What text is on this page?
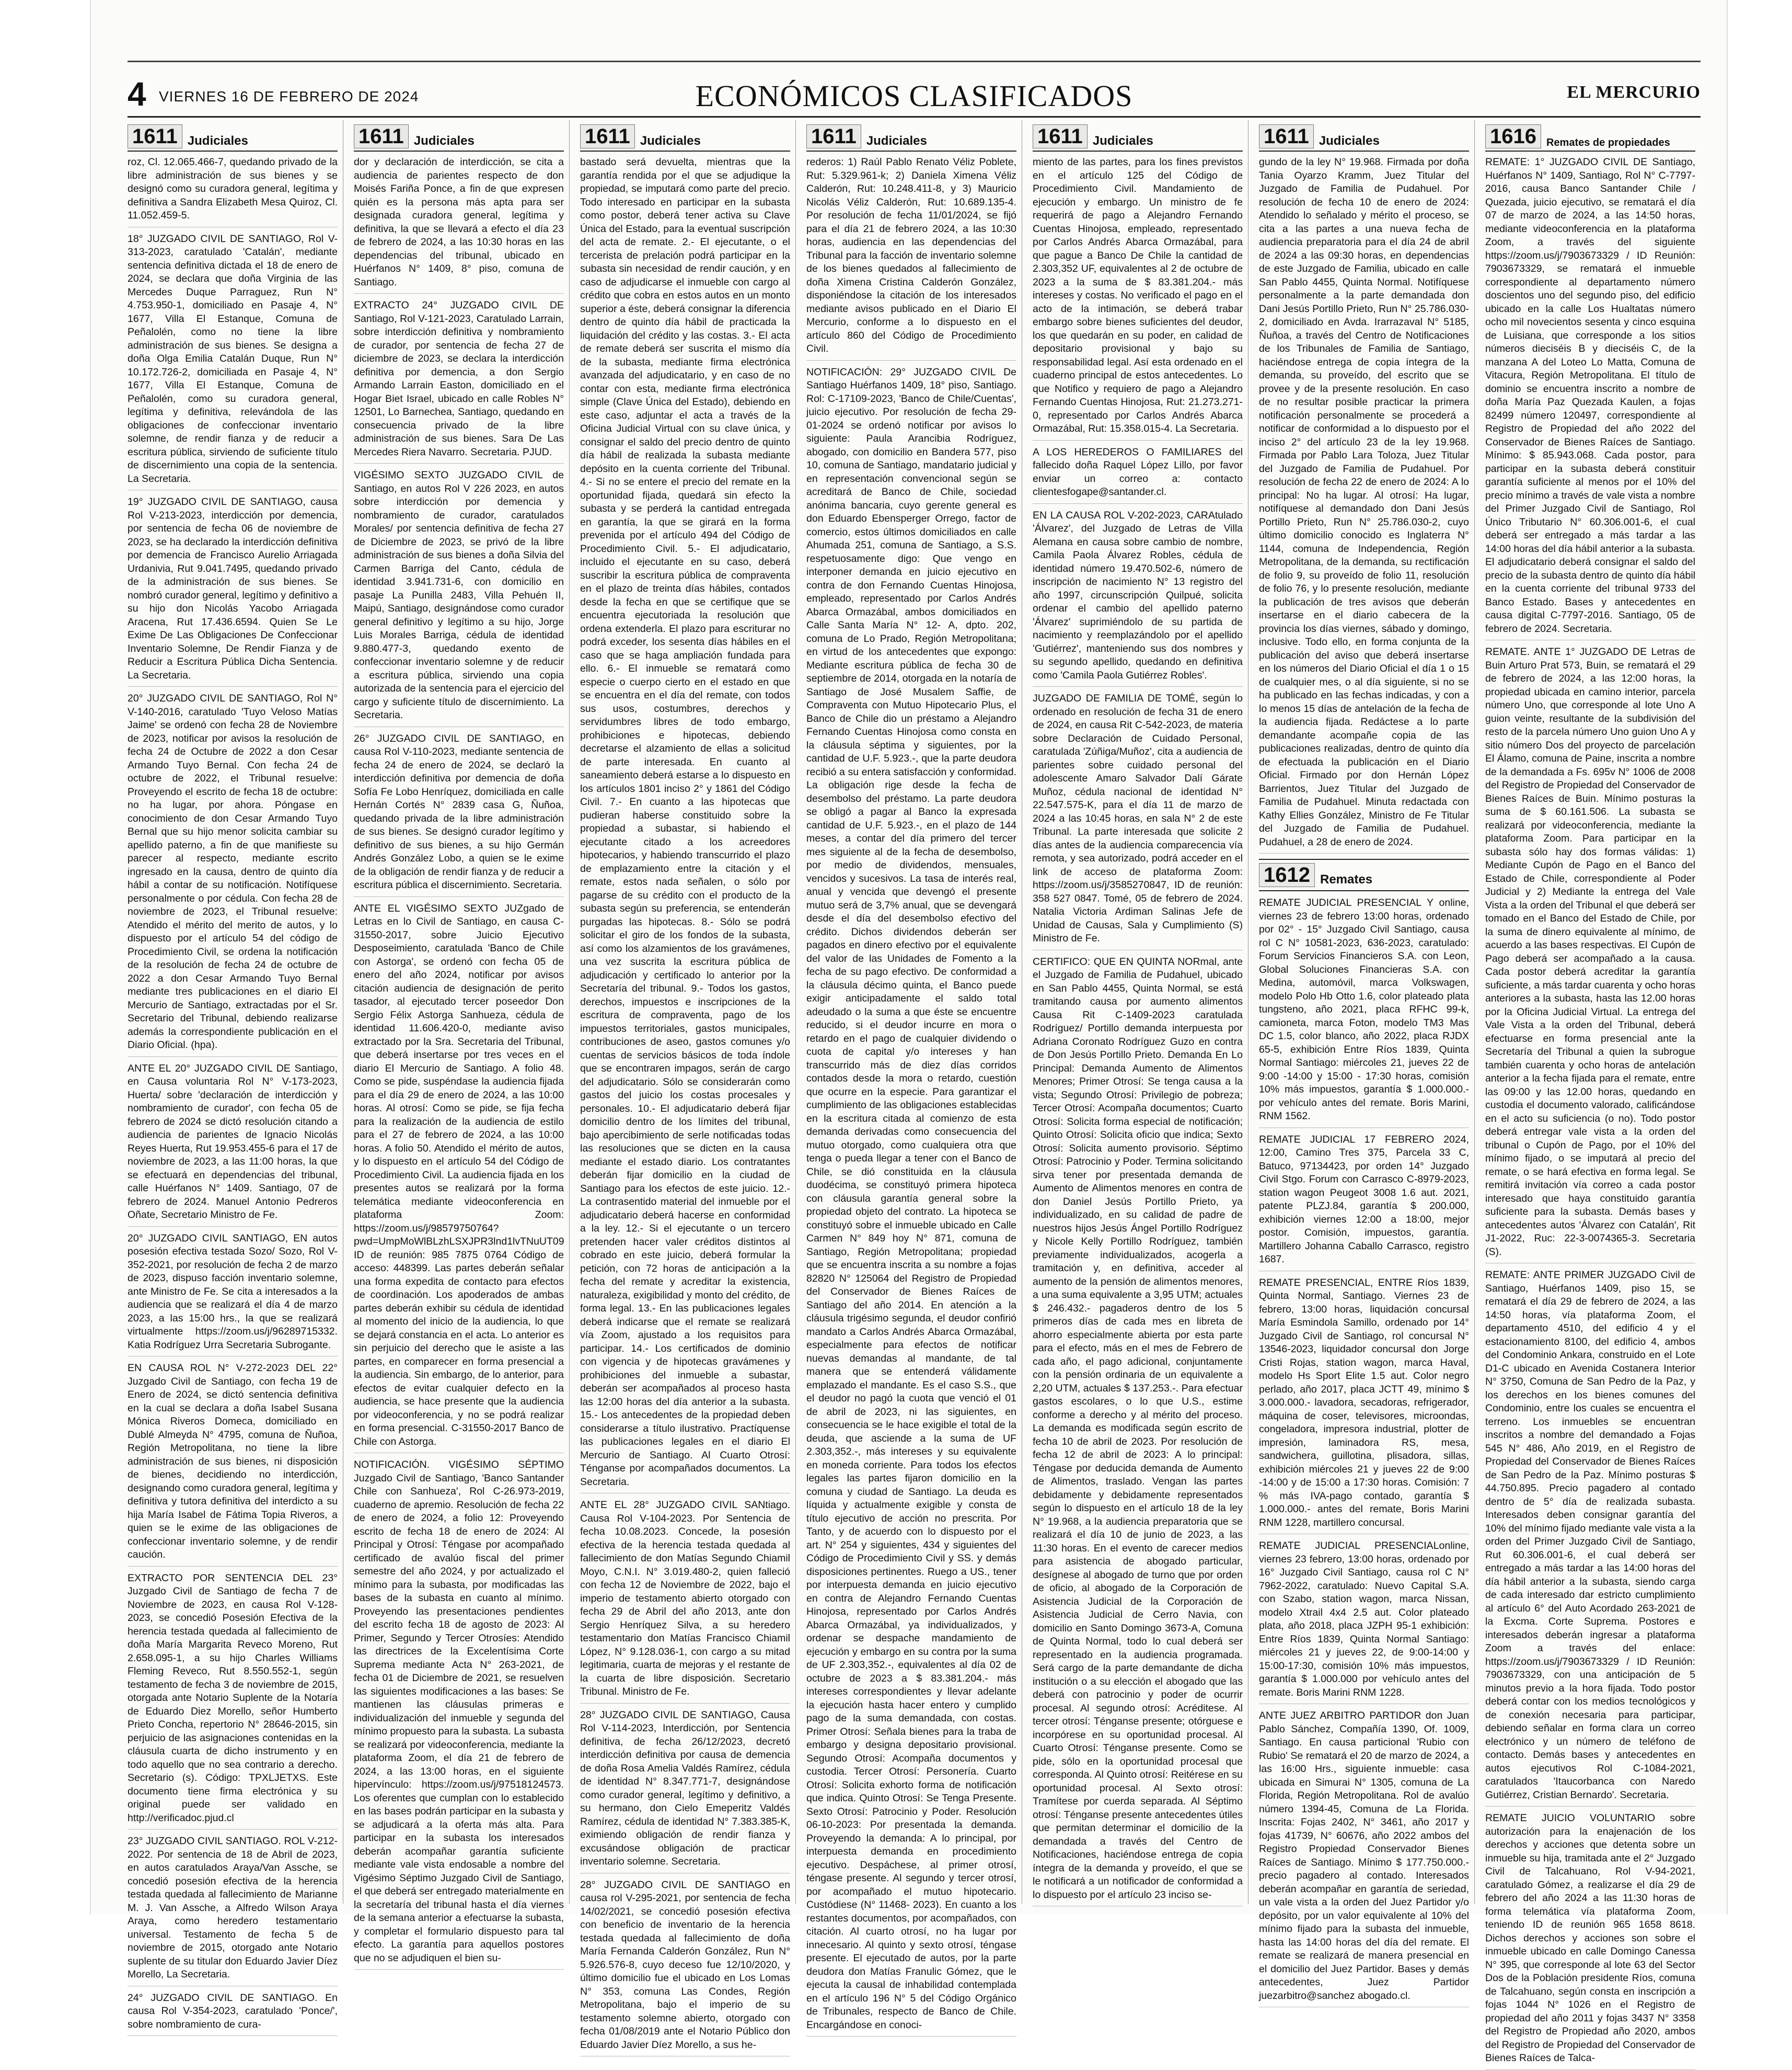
4 VIERNES 16 DE FEBRERO DE 2024	ECONÓMICOS CLASIFICADOS	EL MERCURIO
1611 Judiciales

roz, Cl. 12.065.466-7, quedando privado de la libre administración de sus bienes y se designó como su curadora general, legítima y definitiva a Sandra Elizabeth Mesa Quiroz, Cl. 11.052.459-5.

18° JUZGADO CIVIL DE SANTIAGO, Rol V-313-2023, caratulado 'Catalán', mediante sentencia definitiva dictada el 18 de enero de 2024, se declara que doña Virginia de las Mercedes Duque Parraguez, Run N° 4.753.950-1, domiciliado en Pasaje 4, N° 1677, Villa El Estanque, Comuna de Peñalolén, como no tiene la libre administración de sus bienes. Se designa a doña Olga Emilia Catalán Duque, Run N° 10.172.726-2, domiciliada en Pasaje 4, N° 1677, Villa El Estanque, Comuna de Peñalolén, como su curadora general, legítima y definitiva, relevándola de las obligaciones de confeccionar inventario solemne, de rendir fianza y de reducir a escritura pública, sirviendo de suficiente título de discernimiento una copia de la sentencia. La Secretaria.

19° JUZGADO CIVIL DE SANTIAGO, causa Rol V-213-2023, interdicción por demencia, por sentencia de fecha 06 de noviembre de 2023, se ha declarado la interdicción definitiva por demencia de Francisco Aurelio Arriagada Urdanivia, Rut 9.041.7495, quedando privado de la administración de sus bienes. Se nombró curador general, legítimo y definitivo a su hijo don Nicolás Yacobo Arriagada Aracena, Rut 17.436.6594. Quien Se Le Exime De Las Obligaciones De Confeccionar Inventario Solemne, De Rendir Fianza y de Reducir a Escritura Pública Dicha Sentencia. La Secretaria.

20° JUZGADO CIVIL DE SANTIAGO, Rol N° V-140-2016, caratulado 'Tuyo Veloso Matías Jaime' se ordenó con fecha 28 de Noviembre de 2023, notificar por avisos la resolución de fecha 24 de Octubre de 2022 a don Cesar Armando Tuyo Bernal. Con fecha 24 de octubre de 2022, el Tribunal resuelve: Proveyendo el escrito de fecha 18 de octubre: no ha lugar, por ahora. Póngase en conocimiento de don Cesar Armando Tuyo Bernal que su hijo menor solicita cambiar su apellido paterno, a fin de que manifieste su parecer al respecto, mediante escrito ingresado en la causa, dentro de quinto día hábil a contar de su notificación. Notifíquese personalmente o por cédula. Con fecha 28 de noviembre de 2023, el Tribunal resuelve: Atendido el mérito del merito de autos, y lo dispuesto por el artículo 54 del código de Procedimiento Civil, se ordena la notificación de la resolución de fecha 24 de octubre de 2022 a don Cesar Armando Tuyo Bernal mediante tres publicaciones en el diario El Mercurio de Santiago, extractadas por el Sr. Secretario del Tribunal, debiendo realizarse además la correspondiente publicación en el Diario Oficial. (hpa).

ANTE EL 20° JUZGADO CIVIL DE Santiago, en Causa voluntaria Rol N° V-173-2023, Huerta/ sobre 'declaración de interdicción y nombramiento de curador', con fecha 05 de febrero de 2024 se dictó resolución citando a audiencia de parientes de Ignacio Nicolás Reyes Huerta, Rut 19.953.455-6 para el 17 de noviembre de 2023, a las 11:00 horas, la que se efectuará en dependencias del tribunal, calle Huérfanos N° 1409. Santiago, 07 de febrero de 2024. Manuel Antonio Pedreros Oñate, Secretario Ministro de Fe.

20° JUZGADO CIVIL SANTIAGO, EN autos posesión efectiva testada Sozo/ Sozo, Rol V-352-2021, por resolución de fecha 2 de marzo de 2023, dispuso facción inventario solemne, ante Ministro de Fe. Se cita a interesados a la audiencia que se realizará el día 4 de marzo 2023, a las 15:00 hrs., la que se realizará virtualmente https://zoom.us/j/96289715332. Katia Rodríguez Urra Secretaria Subrogante.

EN CAUSA ROL N° V-272-2023 DEL 22° Juzgado Civil de Santiago, con fecha 19 de Enero de 2024, se dictó sentencia definitiva en la cual se declara a doña Isabel Susana Mónica Riveros Domeca, domiciliado en Dublé Almeyda N° 4795, comuna de Ñuñoa, Región Metropolitana, no tiene la libre administración de sus bienes, ni disposición de bienes, decidiendo no interdicción, designando como curadora general, legítima y definitiva y tutora definitiva del interdicto a su hija María Isabel de Fátima Topia Riveros, a quien se le exime de las obligaciones de confeccionar inventario solemne, y de rendir caución.

EXTRACTO POR SENTENCIA DEL 23° Juzgado Civil de Santiago de fecha 7 de Noviembre de 2023, en causa Rol V-128-2023, se concedió Posesión Efectiva de la herencia testada quedada al fallecimiento de doña María Margarita Reveco Moreno, Rut 2.658.095-1, a su hijo Charles Williams Fleming Reveco, Rut 8.550.552-1, según testamento de fecha 3 de noviembre de 2015, otorgada ante Notario Suplente de la Notaría de Eduardo Diez Morello, señor Humberto Prieto Concha, repertorio N° 28646-2015, sin perjuicio de las asignaciones contenidas en la cláusula cuarta de dicho instrumento y en todo aquello que no sea contrario a derecho. Secretario (s). Código: TPXLJETXS. Este documento tiene firma electrónica y su original puede ser validado en http://verificadoc.pjud.cl

23° JUZGADO CIVIL SANTIAGO. ROL V-212-2022. Por sentencia de 18 de Abril de 2023, en autos caratulados Araya/Van Assche, se concedió posesión efectiva de la herencia testada quedada al fallecimiento de Marianne M. J. Van Assche, a Alfredo Wilson Araya Araya, como heredero testamentario universal. Testamento de fecha 5 de noviembre de 2015, otorgado ante Notario suplente de su titular don Eduardo Javier Díez Morello, La Secretaria.

24° JUZGADO CIVIL DE SANTIAGO. En causa Rol V-354-2023, caratulado 'Ponce/', sobre nombramiento de cura-

1611 Judiciales

dor y declaración de interdicción, se cita a audiencia de parientes respecto de don Moisés Fariña Ponce, a fin de que expresen quién es la persona más apta para ser designada curadora general, legítima y definitiva, la que se llevará a efecto el día 23 de febrero de 2024, a las 10:30 horas en las dependencias del tribunal, ubicado en Huérfanos N° 1409, 8° piso, comuna de Santiago.

EXTRACTO 24° JUZGADO CIVIL DE Santiago, Rol V-121-2023, Caratulado Larrain, sobre interdicción definitiva y nombramiento de curador, por sentencia de fecha 27 de diciembre de 2023, se declara la interdicción definitiva por demencia, a don Sergio Armando Larrain Easton, domiciliado en el Hogar Biet Israel, ubicado en calle Robles N° 12501, Lo Barnechea, Santiago, quedando en consecuencia privado de la libre administración de sus bienes. Sara De Las Mercedes Riera Navarro. Secretaria. PJUD.

VIGÉSIMO SEXTO JUZGADO CIVIL de Santiago, en autos Rol V 226 2023, en autos sobre interdicción por demencia y nombramiento de curador, caratulados Morales/ por sentencia definitiva de fecha 27 de Diciembre de 2023, se privó de la libre administración de sus bienes a doña Silvia del Carmen Barriga del Canto, cédula de identidad 3.941.731-6, con domicilio en pasaje La Punilla 2483, Villa Pehuén II, Maipú, Santiago, designándose como curador general definitivo y legítimo a su hijo, Jorge Luis Morales Barriga, cédula de identidad 9.880.477-3, quedando exento de confeccionar inventario solemne y de reducir a escritura pública, sirviendo una copia autorizada de la sentencia para el ejercicio del cargo y suficiente título de discernimiento. La Secretaria.

26° JUZGADO CIVIL DE SANTIAGO, en causa Rol V-110-2023, mediante sentencia de fecha 24 de enero de 2024, se declaró la interdicción definitiva por demencia de doña Sofía Fe Lobo Henríquez, domiciliada en calle Hernán Cortés N° 2839 casa G, Ñuñoa, quedando privada de la libre administración de sus bienes. Se designó curador legítimo y definitivo de sus bienes, a su hijo Germán Andrés González Lobo, a quien se le exime de la obligación de rendir fianza y de reducir a escritura pública el discernimiento. Secretaria.

ANTE EL VIGÉSIMO SEXTO JUZgado de Letras en lo Civil de Santiago, en causa C-31550-2017, sobre Juicio Ejecutivo Desposeimiento, caratulada 'Banco de Chile con Astorga', se ordenó con fecha 05 de enero del año 2024, notificar por avisos citación audiencia de designación de perito tasador, al ejecutado tercer poseedor Don Sergio Félix Astorga Sanhueza, cédula de identidad 11.606.420-0, mediante aviso extractado por la Sra. Secretaria del Tribunal, que deberá insertarse por tres veces en el diario El Mercurio de Santiago. A folio 48. Como se pide, suspéndase la audiencia fijada para el día 29 de enero de 2024, a las 10:00 horas. Al otrosí: Como se pide, se fija fecha para la realización de la audiencia de estilo para el 27 de febrero de 2024, a las 10:00 horas. A folio 50. Atendido el mérito de autos, y lo dispuesto en el artículo 54 del Código de Procedimiento Civil. La audiencia fijada en los presentes autos se realizará por la forma telemática mediante videoconferencia en plataforma Zoom: https://zoom.us/j/98579750764?pwd=UmpMoWlBLzhLSXJPR3lnd1lvTNuUT09 ID de reunión: 985 7875 0764 Código de acceso: 448399. Las partes deberán señalar una forma expedita de contacto para efectos de coordinación. Los apoderados de ambas partes deberán exhibir su cédula de identidad al momento del inicio de la audiencia, lo que se dejará constancia en el acta. Lo anterior es sin perjuicio del derecho que le asiste a las partes, en comparecer en forma presencial a la audiencia. Sin embargo, de lo anterior, para efectos de evitar cualquier defecto en la audiencia, se hace presente que la audiencia por videoconferencia, y no se podrá realizar en forma presencial. C-31550-2017 Banco de Chile con Astorga.

NOTIFICACIÓN. VIGÉSIMO SÉPTIMO Juzgado Civil de Santiago, 'Banco Santander Chile con Sanhueza', Rol C-26.973-2019, cuaderno de apremio. Resolución de fecha 22 de enero de 2024, a folio 12: Proveyendo escrito de fecha 18 de enero de 2024: Al Principal y Otrosí: Téngase por acompañado certificado de avalúo fiscal del primer semestre del año 2024, y por actualizado el mínimo para la subasta, por modificadas las bases de la subasta en cuanto al mínimo. Proveyendo las presentaciones pendientes del escrito fecha 18 de agosto de 2023: Al Primer, Segundo y Tercer Otrosíes: Atendido las directrices de la Excelentísima Corte Suprema mediante Acta N° 263-2021, de fecha 01 de Diciembre de 2021, se resuelven las siguientes modificaciones a las bases: Se mantienen las cláusulas primeras e individualización del inmueble y segunda del mínimo propuesto para la subasta. La subasta se realizará por videoconferencia, mediante la plataforma Zoom, el día 21 de febrero de 2024, a las 13:00 horas, en el siguiente hipervínculo: https://zoom.us/j/97518124573. Los oferentes que cumplan con lo establecido en las bases podrán participar en la subasta y se adjudicará a la oferta más alta. Para participar en la subasta los interesados deberán acompañar garantía suficiente mediante vale vista endosable a nombre del Vigésimo Séptimo Juzgado Civil de Santiago, el que deberá ser entregado materialmente en la secretaría del tribunal hasta el día viernes de la semana anterior a efectuarse la subasta, y completar el formulario dispuesto para tal efecto. La garantía para aquellos postores que no se adjudiquen el bien su-

1611 Judiciales

bastado será devuelta, mientras que la garantía rendida por el que se adjudique la propiedad, se imputará como parte del precio. Todo interesado en participar en la subasta como postor, deberá tener activa su Clave Única del Estado, para la eventual suscripción del acta de remate. 2.- El ejecutante, o el tercerista de prelación podrá participar en la subasta sin necesidad de rendir caución, y en caso de adjudicarse el inmueble con cargo al crédito que cobra en estos autos en un monto superior a éste, deberá consignar la diferencia dentro de quinto día hábil de practicada la liquidación del crédito y las costas. 3.- El acta de remate deberá ser suscrita el mismo día de la subasta, mediante firma electrónica avanzada del adjudicatario, y en caso de no contar con esta, mediante firma electrónica simple (Clave Única del Estado), debiendo en este caso, adjuntar el acta a través de la Oficina Judicial Virtual con su clave única, y consignar el saldo del precio dentro de quinto día hábil de realizada la subasta mediante depósito en la cuenta corriente del Tribunal. 4.- Si no se entere el precio del remate en la oportunidad fijada, quedará sin efecto la subasta y se perderá la cantidad entregada en garantía, la que se girará en la forma prevenida por el artículo 494 del Código de Procedimiento Civil. 5.- El adjudicatario, incluido el ejecutante en su caso, deberá suscribir la escritura pública de compraventa en el plazo de treinta días hábiles, contados desde la fecha en que se certifique que se encuentra ejecutoriada la resolución que ordena extenderla. El plazo para escriturar no podrá exceder, los sesenta días hábiles en el caso que se haga ampliación fundada para ello. 6.- El inmueble se rematará como especie o cuerpo cierto en el estado en que se encuentra en el día del remate, con todos sus usos, costumbres, derechos y servidumbres libres de todo embargo, prohibiciones e hipotecas, debiendo decretarse el alzamiento de ellas a solicitud de parte interesada. En cuanto al saneamiento deberá estarse a lo dispuesto en los artículos 1801 inciso 2° y 1861 del Código Civil. 7.- En cuanto a las hipotecas que pudieran haberse constituido sobre la propiedad a subastar, si habiendo el ejecutante citado a los acreedores hipotecarios, y habiendo transcurrido el plazo de emplazamiento entre la citación y el remate, estos nada señalen, o sólo por pagarse de su crédito con el producto de la subasta según su preferencia, se entenderán purgadas las hipotecas. 8.- Sólo se podrá solicitar el giro de los fondos de la subasta, así como los alzamientos de los gravámenes, una vez suscrita la escritura pública de adjudicación y certificado lo anterior por la Secretaría del tribunal. 9.- Todos los gastos, derechos, impuestos e inscripciones de la escritura de compraventa, pago de los impuestos territoriales, gastos municipales, contribuciones de aseo, gastos comunes y/o cuentas de servicios básicos de toda índole que se encontraren impagos, serán de cargo del adjudicatario. Sólo se considerarán como gastos del juicio los costas procesales y personales. 10.- El adjudicatario deberá fijar domicilio dentro de los límites del tribunal, bajo apercibimiento de serle notificadas todas las resoluciones que se dicten en la causa mediante el estado diario. Los contratantes deberán fijar domicilio en la ciudad de Santiago para los efectos de este juicio. 12.- La contrasentido material del inmueble por el adjudicatario deberá hacerse en conformidad a la ley. 12.- Si el ejecutante o un tercero pretenden hacer valer créditos distintos al cobrado en este juicio, deberá formular la petición, con 72 horas de anticipación a la fecha del remate y acreditar la existencia, naturaleza, exigibilidad y monto del crédito, de forma legal. 13.- En las publicaciones legales deberá indicarse que el remate se realizará vía Zoom, ajustado a los requisitos para participar. 14.- Los certificados de dominio con vigencia y de hipotecas gravámenes y prohibiciones del inmueble a subastar, deberán ser acompañados al proceso hasta las 12:00 horas del día anterior a la subasta. 15.- Los antecedentes de la propiedad deben considerarse a título ilustrativo. Practíquense las publicaciones legales en el diario El Mercurio de Santiago. Al Cuarto Otrosí: Ténganse por acompañados documentos. La Secretaria.

ANTE EL 28° JUZGADO CIVIL SANtiago. Causa Rol V-104-2023. Por Sentencia de fecha 10.08.2023. Concede, la posesión efectiva de la herencia testada quedada al fallecimiento de don Matías Segundo Chiamil Moyo, C.N.I. N° 3.019.480-2, quien falleció con fecha 12 de Noviembre de 2022, bajo el imperio de testamento abierto otorgado con fecha 29 de Abril del año 2013, ante don Sergio Henríquez Silva, a su heredero testamentario don Matías Francisco Chiamil López, N° 9.128.036-1, con cargo a su mitad legitimaria, cuarta de mejoras y el restante de la cuarta de libre disposición. Secretario Tribunal. Ministro de Fe.

28° JUZGADO CIVIL DE SANTIAGO, Causa Rol V-114-2023, Interdicción, por Sentencia definitiva, de fecha 26/12/2023, decretó interdicción definitiva por causa de demencia de doña Rosa Amelia Valdés Ramírez, cédula de identidad N° 8.347.771-7, designándose como curador general, legítimo y definitivo, a su hermano, don Cielo Emeperitz Valdés Ramírez, cédula de identidad N° 7.383.385-K, eximiendo obligación de rendir fianza y excusándose obligación de practicar inventario solemne. Secretaria.

28° JUZGADO CIVIL DE SANTIAGO en causa rol V-295-2021, por sentencia de fecha 14/02/2021, se concedió posesión efectiva con beneficio de inventario de la herencia testada quedada al fallecimiento de doña María Fernanda Calderón González, Run N° 5.926.576-8, cuyo deceso fue 12/10/2020, y último domicilio fue el ubicado en Los Lomas N° 353, comuna Las Condes, Región Metropolitana, bajo el imperio de su testamento solemne abierto, otorgado con fecha 01/08/2019 ante el Notario Público don Eduardo Javier Díez Morello, a sus he-

1611 Judiciales

rederos: 1) Raúl Pablo Renato Véliz Poblete, Rut: 5.329.961-k; 2) Daniela Ximena Véliz Calderón, Rut: 10.248.411-8, y 3) Mauricio Nicolás Véliz Calderón, Rut: 10.689.135-4. Por resolución de fecha 11/01/2024, se fijó para el día 21 de febrero 2024, a las 10:30 horas, audiencia en las dependencias del Tribunal para la facción de inventario solemne de los bienes quedados al fallecimiento de doña Ximena Cristina Calderón González, disponiéndose la citación de los interesados mediante avisos publicado en el Diario El Mercurio, conforme a lo dispuesto en el artículo 860 del Código de Procedimiento Civil.

NOTIFICACIÓN: 29° JUZGADO CIVIL De Santiago Huérfanos 1409, 18° piso, Santiago. Rol: C-17109-2023, 'Banco de Chile/Cuentas', juicio ejecutivo. Por resolución de fecha 29-01-2024 se ordenó notificar por avisos lo siguiente: Paula Arancibia Rodríguez, abogado, con domicilio en Bandera 577, piso 10, comuna de Santiago, mandatario judicial y en representación convencional según se acreditará de Banco de Chile, sociedad anónima bancaria, cuyo gerente general es don Eduardo Ebensperger Orrego, factor de comercio, estos últimos domiciliados en calle Ahumada 251, comuna de Santiago, a S.S. respetuosamente digo: Que vengo en interponer demanda en juicio ejecutivo en contra de don Fernando Cuentas Hinojosa, empleado, representado por Carlos Andrés Abarca Ormazábal, ambos domiciliados en Calle Santa María N° 12- A, dpto. 202, comuna de Lo Prado, Región Metropolitana; en virtud de los antecedentes que expongo: Mediante escritura pública de fecha 30 de septiembre de 2014, otorgada en la notaría de Santiago de José Musalem Saffie, de Compraventa con Mutuo Hipotecario Plus, el Banco de Chile dio un préstamo a Alejandro Fernando Cuentas Hinojosa como consta en la cláusula séptima y siguientes, por la cantidad de U.F. 5.923.-, que la parte deudora recibió a su entera satisfacción y conformidad. La obligación rige desde la fecha de desembolso del préstamo. La parte deudora se obligó a pagar al Banco la expresada cantidad de U.F. 5.923.-, en el plazo de 144 meses, a contar del día primero del tercer mes siguiente al de la fecha de desembolso, por medio de dividendos, mensuales, vencidos y sucesivos. La tasa de interés real, anual y vencida que devengó el presente mutuo será de 3,7% anual, que se devengará desde el día del desembolso efectivo del crédito. Dichos dividendos deberán ser pagados en dinero efectivo por el equivalente del valor de las Unidades de Fomento a la fecha de su pago efectivo. De conformidad a la cláusula décimo quinta, el Banco puede exigir anticipadamente el saldo total adeudado o la suma a que éste se encuentre reducido, si el deudor incurre en mora o retardo en el pago de cualquier dividendo o cuota de capital y/o intereses y han transcurrido más de diez días corridos contados desde la mora o retardo, cuestión que ocurre en la especie. Para garantizar el cumplimiento de las obligaciones establecidas en la escritura citada al comienzo de esta demanda derivadas como consecuencia del mutuo otorgado, como cualquiera otra que tenga o pueda llegar a tener con el Banco de Chile, se dió constituida en la cláusula duodécima, se constituyó primera hipoteca con cláusula garantía general sobre la propiedad objeto del contrato. La hipoteca se constituyó sobre el inmueble ubicado en Calle Carmen N° 849 hoy N° 871, comuna de Santiago, Región Metropolitana; propiedad que se encuentra inscrita a su nombre a fojas 82820 N° 125064 del Registro de Propiedad del Conservador de Bienes Raíces de Santiago del año 2014. En atención a la cláusula trigésimo segunda, el deudor confirió mandato a Carlos Andrés Abarca Ormazábal, especialmente para efectos de notificar nuevas demandas al mandante, de tal manera que se entenderá válidamente emplazado el mandante. Es el caso S.S., que el deudor no pagó la cuota que venció el 01 de abril de 2023, ni las siguientes, en consecuencia se le hace exigible el total de la deuda, que asciende a la suma de UF 2.303,352.-, más intereses y su equivalente en moneda corriente. Para todos los efectos legales las partes fijaron domicilio en la comuna y ciudad de Santiago. La deuda es líquida y actualmente exigible y consta de título ejecutivo de acción no prescrita. Por Tanto, y de acuerdo con lo dispuesto por el art. N° 254 y siguientes, 434 y siguientes del Código de Procedimiento Civil y SS. y demás disposiciones pertinentes. Ruego a US., tener por interpuesta demanda en juicio ejecutivo en contra de Alejandro Fernando Cuentas Hinojosa, representado por Carlos Andrés Abarca Ormazábal, ya individualizados, y ordenar se despache mandamiento de ejecución y embargo en su contra por la suma de UF 2.303,352.-, equivalentes al día 02 de octubre de 2023 a $ 83.381.204.- más intereses correspondientes y llevar adelante la ejecución hasta hacer entero y cumplido pago de la suma demandada, con costas. Primer Otrosí: Señala bienes para la traba de embargo y designa depositario provisional. Segundo Otrosí: Acompaña documentos y custodia. Tercer Otrosí: Personería. Cuarto Otrosí: Solicita exhorto forma de notificación que indica. Quinto Otrosí: Se Tenga Presente. Sexto Otrosí: Patrocinio y Poder. Resolución 06-10-2023: Por presentada la demanda. Proveyendo la demanda: A lo principal, por interpuesta demanda en procedimiento ejecutivo. Despáchese, al primer otrosí, téngase presente. Al segundo y tercer otrosí, por acompañado el mutuo hipotecario. Custódiese (N° 11468- 2023). En cuanto a los restantes documentos, por acompañados, con citación. Al cuarto otrosí, no ha lugar por innecesario. Al quinto y sexto otrosí, téngase presente. El ejecutado de autos, por la parte deudora don Matías Franulic Gómez, que le ejecuta la causal de inhabilidad contemplada en el artículo 196 N° 5 del Código Orgánico de Tribunales, respecto de Banco de Chile. Encargándose en conoci-

1611 Judiciales

miento de las partes, para los fines previstos en el artículo 125 del Código de Procedimiento Civil. Mandamiento de ejecución y embargo. Un ministro de fe requerirá de pago a Alejandro Fernando Cuentas Hinojosa, empleado, representado por Carlos Andrés Abarca Ormazábal, para que pague a Banco De Chile la cantidad de 2.303,352 UF, equivalentes al 2 de octubre de 2023 a la suma de $ 83.381.204.- más intereses y costas. No verificado el pago en el acto de la intimación, se deberá trabar embargo sobre bienes suficientes del deudor, los que quedarán en su poder, en calidad de depositario provisional y bajo su responsabilidad legal. Así esta ordenado en el cuaderno principal de estos antecedentes. Lo que Notifico y requiero de pago a Alejandro Fernando Cuentas Hinojosa, Rut: 21.273.271-0, representado por Carlos Andrés Abarca Ormazábal, Rut: 15.358.015-4. La Secretaria.

A LOS HEREDEROS O FAMILIARES del fallecido doña Raquel López Lillo, por favor enviar un correo a: contacto clientesfogape@santander.cl.

EN LA CAUSA ROL V-202-2023, CARAtulado 'Álvarez', del Juzgado de Letras de Villa Alemana en causa sobre cambio de nombre, Camila Paola Álvarez Robles, cédula de identidad número 19.470.502-6, número de inscripción de nacimiento N° 13 registro del año 1997, circunscripción Quilpué, solicita ordenar el cambio del apellido paterno 'Álvarez' suprimiéndolo de su partida de nacimiento y reemplazándolo por el apellido 'Gutiérrez', manteniendo sus dos nombres y su segundo apellido, quedando en definitiva como 'Camila Paola Gutiérrez Robles'.

JUZGADO DE FAMILIA DE TOMÉ, según lo ordenado en resolución de fecha 31 de enero de 2024, en causa Rit C-542-2023, de materia sobre Declaración de Cuidado Personal, caratulada 'Zúñiga/Muñoz', cita a audiencia de parientes sobre cuidado personal del adolescente Amaro Salvador Dalí Gárate Muñoz, cédula nacional de identidad N° 22.547.575-K, para el día 11 de marzo de 2024 a las 10:45 horas, en sala N° 2 de este Tribunal. La parte interesada que solicite 2 días antes de la audiencia comparecencia vía remota, y sea autorizado, podrá acceder en el link de acceso de plataforma Zoom: https://zoom.us/j/3585270847, ID de reunión: 358 527 0847. Tomé, 05 de febrero de 2024. Natalia Victoria Ardiman Salinas Jefe de Unidad de Causas, Sala y Cumplimiento (S) Ministro de Fe.

CERTIFICO: QUE EN QUINTA NORmal, ante el Juzgado de Familia de Pudahuel, ubicado en San Pablo 4455, Quinta Normal, se está tramitando causa por aumento alimentos Causa Rit C-1409-2023 caratulada Rodríguez/ Portillo demanda interpuesta por Adriana Coronato Rodríguez Guzo en contra de Don Jesús Portillo Prieto. Demanda En Lo Principal: Demanda Aumento de Alimentos Menores; Primer Otrosí: Se tenga causa a la vista; Segundo Otrosí: Privilegio de pobreza; Tercer Otrosí: Acompaña documentos; Cuarto Otrosí: Solicita forma especial de notificación; Quinto Otrosí: Solicita oficio que indica; Sexto Otrosí: Solicita aumento provisorio. Séptimo Otrosí: Patrocinio y Poder. Termina solicitando sirva tener por presentada demanda de Aumento de Alimentos menores en contra de don Daniel Jesús Portillo Prieto, ya individualizado, en su calidad de padre de nuestros hijos Jesús Ángel Portillo Rodríguez y Nicole Kelly Portillo Rodríguez, también previamente individualizados, acogerla a tramitación y, en definitiva, acceder al aumento de la pensión de alimentos menores, a una suma equivalente a 3,95 UTM; actuales $ 246.432.- pagaderos dentro de los 5 primeros días de cada mes en libreta de ahorro especialmente abierta por esta parte para el efecto, más en el mes de Febrero de cada año, el pago adicional, conjuntamente con la pensión ordinaria de un equivalente a 2,20 UTM, actuales $ 137.253.-. Para efectuar gastos escolares, o lo que U.S., estime conforme a derecho y al mérito del proceso. La demanda es modificada según escrito de fecha 10 de abril de 2023. Por resolución de fecha 12 de abril de 2023: A lo principal: Téngase por deducida demanda de Aumento de Alimentos, traslado. Vengan las partes debidamente y debidamente representados según lo dispuesto en el artículo 18 de la ley N° 19.968, a la audiencia preparatoria que se realizará el día 10 de junio de 2023, a las 11:30 horas. En el evento de carecer medios para asistencia de abogado particular, desígnese al abogado de turno que por orden de oficio, al abogado de la Corporación de Asistencia Judicial de la Corporación de Asistencia Judicial de Cerro Navia, con domicilio en Santo Domingo 3673-A, Comuna de Quinta Normal, todo lo cual deberá ser representado en la audiencia programada. Será cargo de la parte demandante de dicha institución o a su elección el abogado que las deberá con patrocinio y poder de ocurrir procesal. Al segundo otrosí: Acréditese. Al tercer otrosí: Ténganse presente; otórguese e incorpórese en su oportunidad procesal. Al Cuarto Otrosí: Ténganse presente. Como se pide, sólo en la oportunidad procesal que corresponda. Al Quinto otrosí: Reitérese en su oportunidad procesal. Al Sexto otrosí: Tramítese por cuerda separada. Al Séptimo otrosí: Ténganse presente antecedentes útiles que permitan determinar el domicilio de la demandada a través del Centro de Notificaciones, haciéndose entrega de copia íntegra de la demanda y proveído, el que se le notificará a un notificador de conformidad a lo dispuesto por el artículo 23 inciso se-

1611 Judiciales

gundo de la ley N° 19.968. Firmada por doña Tania Oyarzo Kramm, Juez Titular del Juzgado de Familia de Pudahuel. Por resolución de fecha 10 de enero de 2024: Atendido lo señalado y mérito el proceso, se cita a las partes a una nueva fecha de audiencia preparatoria para el día 24 de abril de 2024 a las 09:30 horas, en dependencias de este Juzgado de Familia, ubicado en calle San Pablo 4455, Quinta Normal. Notifíquese personalmente a la parte demandada don Dani Jesús Portillo Prieto, Run N° 25.786.030-2, domiciliado en Avda. Irarrazaval N° 5185, Ñuñoa, a través del Centro de Notificaciones de los Tribunales de Familia de Santiago, haciéndose entrega de copia íntegra de la demanda, su proveído, del escrito que se provee y de la presente resolución. En caso de no resultar posible practicar la primera notificación personalmente se procederá a notificar de conformidad a lo dispuesto por el inciso 2° del artículo 23 de la ley 19.968. Firmada por Pablo Lara Toloza, Juez Titular del Juzgado de Familia de Pudahuel. Por resolución de fecha 22 de enero de 2024: A lo principal: No ha lugar. Al otrosí: Ha lugar, notifíquese al demandado don Dani Jesús Portillo Prieto, Run N° 25.786.030-2, cuyo último domicilio conocido es Inglaterra N° 1144, comuna de Independencia, Región Metropolitana, de la demanda, su rectificación de folio 9, su proveído de folio 11, resolución de folio 76, y lo presente resolución, mediante la publicación de tres avisos que deberán insertarse en el diario cabecera de la provincia los días viernes, sábado y domingo, inclusive. Todo ello, en forma conjunta de la publicación del aviso que deberá insertarse en los números del Diario Oficial el día 1 o 15 de cualquier mes, o al día siguiente, si no se ha publicado en las fechas indicadas, y con a lo menos 15 días de antelación de la fecha de la audiencia fijada. Redáctese a lo parte demandante acompañe copia de las publicaciones realizadas, dentro de quinto día de efectuada la publicación en el Diario Oficial. Firmado por don Hernán López Barrientos, Juez Titular del Juzgado de Familia de Pudahuel. Minuta redactada con Kathy Ellies González, Ministro de Fe Titular del Juzgado de Familia de Pudahuel. Pudahuel, a 28 de enero de 2024.

1612 Remates

REMATE JUDICIAL PRESENCIAL Y online, viernes 23 de febrero 13:00 horas, ordenado por 02° - 15° Juzgado Civil Santiago, causa rol C N° 10581-2023, 636-2023, caratulado: Forum Servicios Financieros S.A. con Leon, Global Soluciones Financieras S.A. con Medina, automóvil, marca Volkswagen, modelo Polo Hb Otto 1.6, color plateado plata tungsteno, año 2021, placa RFHC 99-k, camioneta, marca Foton, modelo TM3 Mas DC 1.5, color blanco, año 2022, placa RJDX 65-5, exhibición Entre Ríos 1839, Quinta Normal Santiago: miércoles 21, jueves 22 de 9:00 -14:00 y 15:00 - 17:30 horas, comisión 10% más impuestos, garantía $ 1.000.000.- por vehículo antes del remate. Boris Marini, RNM 1562.

REMATE JUDICIAL 17 FEBRERO 2024, 12:00, Camino Tres 375, Parcela 33 C, Batuco, 97134423, por orden 14° Juzgado Civil Stgo. Forum con Carrasco C-8979-2023, station wagon Peugeot 3008 1.6 aut. 2021, patente PLZJ.84, garantía $ 200.000, exhibición viernes 12:00 a 18:00, mejor postor. Comisión, impuestos, garantía. Martillero Johanna Caballo Carrasco, registro 1687.

REMATE PRESENCIAL, ENTRE Ríos 1839, Quinta Normal, Santiago. Viernes 23 de febrero, 13:00 horas, liquidación concursal María Esmindola Samillo, ordenado por 14° Juzgado Civil de Santiago, rol concursal N° 13546-2023, liquidador concursal don Jorge Cristi Rojas, station wagon, marca Haval, modelo Hs Sport Elite 1.5 aut. Color negro perlado, año 2017, placa JCTT 49, mínimo $ 3.000.000.- lavadora, secadoras, refrigerador, máquina de coser, televisores, microondas, congeladora, impresora industrial, plotter de impresión, laminadora RS, mesa, sandwichera, guillotina, plisadora, sillas, exhibición miércoles 21 y jueves 22 de 9:00 -14:00 y de 15:00 a 17:30 horas. Comisión: 7 % más IVA-pago contado, garantía $ 1.000.000.- antes del remate, Boris Marini RNM 1228, martillero concursal.

REMATE JUDICIAL PRESENCIALonline, viernes 23 febrero, 13:00 horas, ordenado por 16° Juzgado Civil Santiago, causa rol C N° 7962-2022, caratulado: Nuevo Capital S.A. con Szabo, station wagon, marca Nissan, modelo Xtrail 4x4 2.5 aut. Color plateado plata, año 2018, placa JZPH 95-1 exhibición: Entre Ríos 1839, Quinta Normal Santiago: miércoles 21 y jueves 22, de 9:00-14:00 y 15:00-17:30, comisión 10% más impuestos, garantía $ 1.000.000 por vehículo antes del remate. Boris Marini RNM 1228.

ANTE JUEZ ARBITRO PARTIDOR don Juan Pablo Sánchez, Compañía 1390, Of. 1009, Santiago. En causa particional 'Rubio con Rubio' Se rematará el 20 de marzo de 2024, a las 16:00 Hrs., siguiente inmueble: casa ubicada en Simurai N° 1305, comuna de La Florida, Región Metropolitana. Rol de avalúo número 1394-45, Comuna de La Florida. Inscrita: Fojas 2402, N° 3461, año 2017 y fojas 41739, N° 60676, año 2022 ambos del Registro Propiedad Conservador Bienes Raíces de Santiago. Mínimo $ 177.750.000.- precio pagadero al contado. Interesados deberán acompañar en garantía de seriedad, un vale vista a la orden del Juez Partidor y/o depósito, por un valor equivalente al 10% del mínimo fijado para la subasta del inmueble, hasta las 14:00 horas del día del remate. El remate se realizará de manera presencial en el domicilio del Juez Partidor. Bases y demás antecedentes, Juez Partidor juezarbitro@sanchez abogado.cl.

1616 Remates de propiedades

REMATE: 1° JUZGADO CIVIL DE Santiago, Huérfanos N° 1409, Santiago, Rol N° C-7797-2016, causa Banco Santander Chile / Quezada, juicio ejecutivo, se rematará el día 07 de marzo de 2024, a las 14:50 horas, mediante videoconferencia en la plataforma Zoom, a través del siguiente https://zoom.us/j/7903673329 / ID Reunión: 7903673329, se rematará el inmueble correspondiente al departamento número doscientos uno del segundo piso, del edificio ubicado en la calle Los Hualtatas número ocho mil novecientos sesenta y cinco esquina de Luisiana, que corresponde a los sitios números dieciséis B y dieciséis C, de la manzana A del Loteo Lo Matta, Comuna de Vitacura, Región Metropolitana. El título de dominio se encuentra inscrito a nombre de doña María Paz Quezada Kaulen, a fojas 82499 número 120497, correspondiente al Registro de Propiedad del año 2022 del Conservador de Bienes Raíces de Santiago. Mínimo: $ 85.943.068. Cada postor, para participar en la subasta deberá constituir garantía suficiente al menos por el 10% del precio mínimo a través de vale vista a nombre del Primer Juzgado Civil de Santiago, Rol Único Tributario N° 60.306.001-6, el cual deberá ser entregado a más tardar a las 14:00 horas del día hábil anterior a la subasta. El adjudicatario deberá consignar el saldo del precio de la subasta dentro de quinto día hábil en la cuenta corriente del tribunal 9733 del Banco Estado. Bases y antecedentes en causa digital C-7797-2016. Santiago, 05 de febrero de 2024. Secretaria.

REMATE. ANTE 1° JUZGADO DE Letras de Buin Arturo Prat 573, Buin, se rematará el 29 de febrero de 2024, a las 12:00 horas, la propiedad ubicada en camino interior, parcela número Uno, que corresponde al lote Uno A guion veinte, resultante de la subdivisión del resto de la parcela número Uno guion Uno A y sitio número Dos del proyecto de parcelación El Álamo, comuna de Paine, inscrita a nombre de la demandada a Fs. 695v N° 1006 de 2008 del Registro de Propiedad del Conservador de Bienes Raíces de Buin. Mínimo posturas la suma de $ 60.161.506. La subasta se realizará por videoconferencia, mediante la plataforma Zoom. Para participar en la subasta sólo hay dos formas válidas: 1) Mediante Cupón de Pago en el Banco del Estado de Chile, correspondiente al Poder Judicial y 2) Mediante la entrega del Vale Vista a la orden del Tribunal el que deberá ser tomado en el Banco del Estado de Chile, por la suma de dinero equivalente al mínimo, de acuerdo a las bases respectivas. El Cupón de Pago deberá ser acompañado a la causa. Cada postor deberá acreditar la garantía suficiente, a más tardar cuarenta y ocho horas anteriores a la subasta, hasta las 12.00 horas por la Oficina Judicial Virtual. La entrega del Vale Vista a la orden del Tribunal, deberá efectuarse en forma presencial ante la Secretaría del Tribunal a quien la subrogue también cuarenta y ocho horas de antelación anterior a la fecha fijada para el remate, entre las 09:00 y las 12.00 horas, quedando en custodia el documento valorado, calificándose en el acto su suficiencia (o no). Todo postor deberá entregar vale vista a la orden del tribunal o Cupón de Pago, por el 10% del mínimo fijado, o se imputará al precio del remate, o se hará efectiva en forma legal. Se remitirá invitación vía correo a cada postor interesado que haya constituido garantía suficiente para la subasta. Demás bases y antecedentes autos 'Álvarez con Catalán', Rit J1-2022, Ruc: 22-3-0074365-3. Secretaria (S).

REMATE: ANTE PRIMER JUZGADO Civil de Santiago, Huérfanos 1409, piso 15, se rematará el día 29 de febrero de 2024, a las 14:50 horas, vía plataforma Zoom, el departamento 4510, del edificio 4 y el estacionamiento 8100, del edificio 4, ambos del Condominio Ankara, construido en el Lote D1-C ubicado en Avenida Costanera Interior N° 3750, Comuna de San Pedro de la Paz, y los derechos en los bienes comunes del Condominio, entre los cuales se encuentra el terreno. Los inmuebles se encuentran inscritos a nombre del demandado a Fojas 545 N° 486, Año 2019, en el Registro de Propiedad del Conservador de Bienes Raíces de San Pedro de la Paz. Mínimo posturas $ 44.750.895. Precio pagadero al contado dentro de 5° día de realizada subasta. Interesados deben consignar garantía del 10% del mínimo fijado mediante vale vista a la orden del Primer Juzgado Civil de Santiago, Rut 60.306.001-6, el cual deberá ser entregado a más tardar a las 14:00 horas del día hábil anterior a la subasta, siendo carga de cada interesado dar estricto cumplimiento al artículo 6° del Auto Acordado 263-2021 de la Excma. Corte Suprema. Postores e interesados deberán ingresar a plataforma Zoom a través del enlace: https://zoom.us/j/7903673329 / ID Reunión: 7903673329, con una anticipación de 5 minutos previo a la hora fijada. Todo postor deberá contar con los medios tecnológicos y de conexión necesaria para participar, debiendo señalar en forma clara un correo electrónico y un número de teléfono de contacto. Demás bases y antecedentes en autos ejecutivos Rol C-1084-2021, caratulados 'Itaucorbanca con Naredo Gutiérrez, Cristian Bernardo'. Secretaria.

REMATE JUICIO VOLUNTARIO sobre autorización para la enajenación de los derechos y acciones que detenta sobre un inmueble su hija, tramitada ante el 2° Juzgado Civil de Talcahuano, Rol V-94-2021, caratulado Gómez, a realizarse el día 29 de febrero del año 2024 a las 11:30 horas de forma telemática vía plataforma Zoom, teniendo ID de reunión 965 1658 8618. Dichos derechos y acciones son sobre el inmueble ubicado en calle Domingo Canessa N° 395, que corresponde al lote 63 del Sector Dos de la Población presidente Ríos, comuna de Talcahuano, según consta en inscripción a fojas 1044 N° 1026 en el Registro de propiedad del año 2011 y fojas 3437 N° 3358 del Registro de Propiedad año 2020, ambos del Registro de Propiedad del Conservador de Bienes Raíces de Talca-
